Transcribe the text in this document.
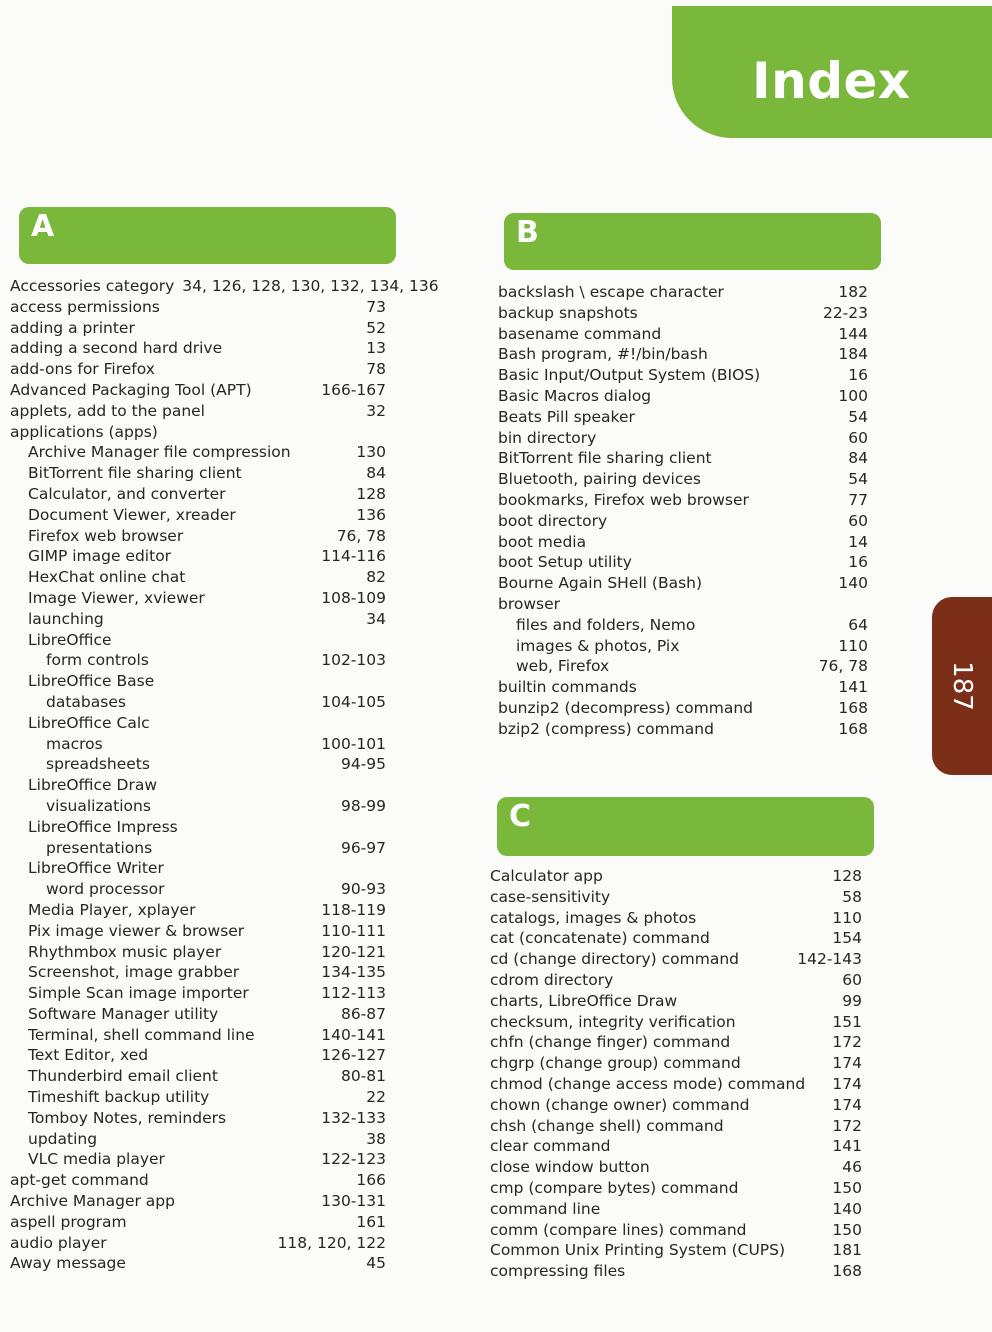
Index
187
A	B
C
Accessories category 34, 126, 128, 130, 132, 134, 136
access permissions	73
adding a printer	52
adding a second hard drive	13
add-ons for Firefox	78
Advanced Packaging Tool (APT)	166-167
applets, add to the panel	32
applications (apps)
Archive Manager file compression	130
BitTorrent file sharing client	84
Calculator, and converter	128
Document Viewer, xreader	136
Firefox web browser	76, 78
GIMP image editor	114-116
HexChat online chat	82
Image Viewer, xviewer	108-109
launching	34
LibreOffice
form controls	102-103
LibreOffice Base
databases	104-105
LibreOffice Calc
macros	100-101
spreadsheets	94-95
LibreOffice Draw
visualizations	98-99
LibreOffice Impress
presentations	96-97
LibreOffice Writer
word processor	90-93
Media Player, xplayer	118-119
Pix image viewer & browser	110-111
Rhythmbox music player	120-121
Screenshot, image grabber	134-135
Simple Scan image importer	112-113
Software Manager utility	86-87
Terminal, shell command line	140-141
Text Editor, xed	126-127
Thunderbird email client	80-81
Timeshift backup utility	22
Tomboy Notes, reminders	132-133
updating	38
VLC media player	122-123
apt-get command	166
Archive Manager app	130-131
aspell program	161
audio player	118, 120, 122
Away message	45
backslash \ escape character	182
backup snapshots	22-23
basename command	144
Bash program, #!/bin/bash	184
Basic Input/Output System (BIOS)	16
Basic Macros dialog	100
Beats Pill speaker	54
bin directory	60
BitTorrent file sharing client	84
Bluetooth, pairing devices	54
bookmarks, Firefox web browser	77
boot directory	60
boot media	14
boot Setup utility	16
Bourne Again SHell (Bash)	140
browser
files and folders, Nemo	64
images & photos, Pix	110
web, Firefox	76, 78
builtin commands	141
bunzip2 (decompress) command	168
bzip2 (compress) command	168
Calculator app	128
case-sensitivity	58
catalogs, images & photos	110
cat (concatenate) command	154
cd (change directory) command	142-143
cdrom directory	60
charts, LibreOffice Draw	99
checksum, integrity verification	151
chfn (change finger) command	172
chgrp (change group) command	174
chmod (change access mode) command	174
chown (change owner) command	174
chsh (change shell) command	172
clear command	141
close window button	46
cmp (compare bytes) command	150
command line	140
comm (compare lines) command	150
Common Unix Printing System (CUPS)	181
compressing files	168
